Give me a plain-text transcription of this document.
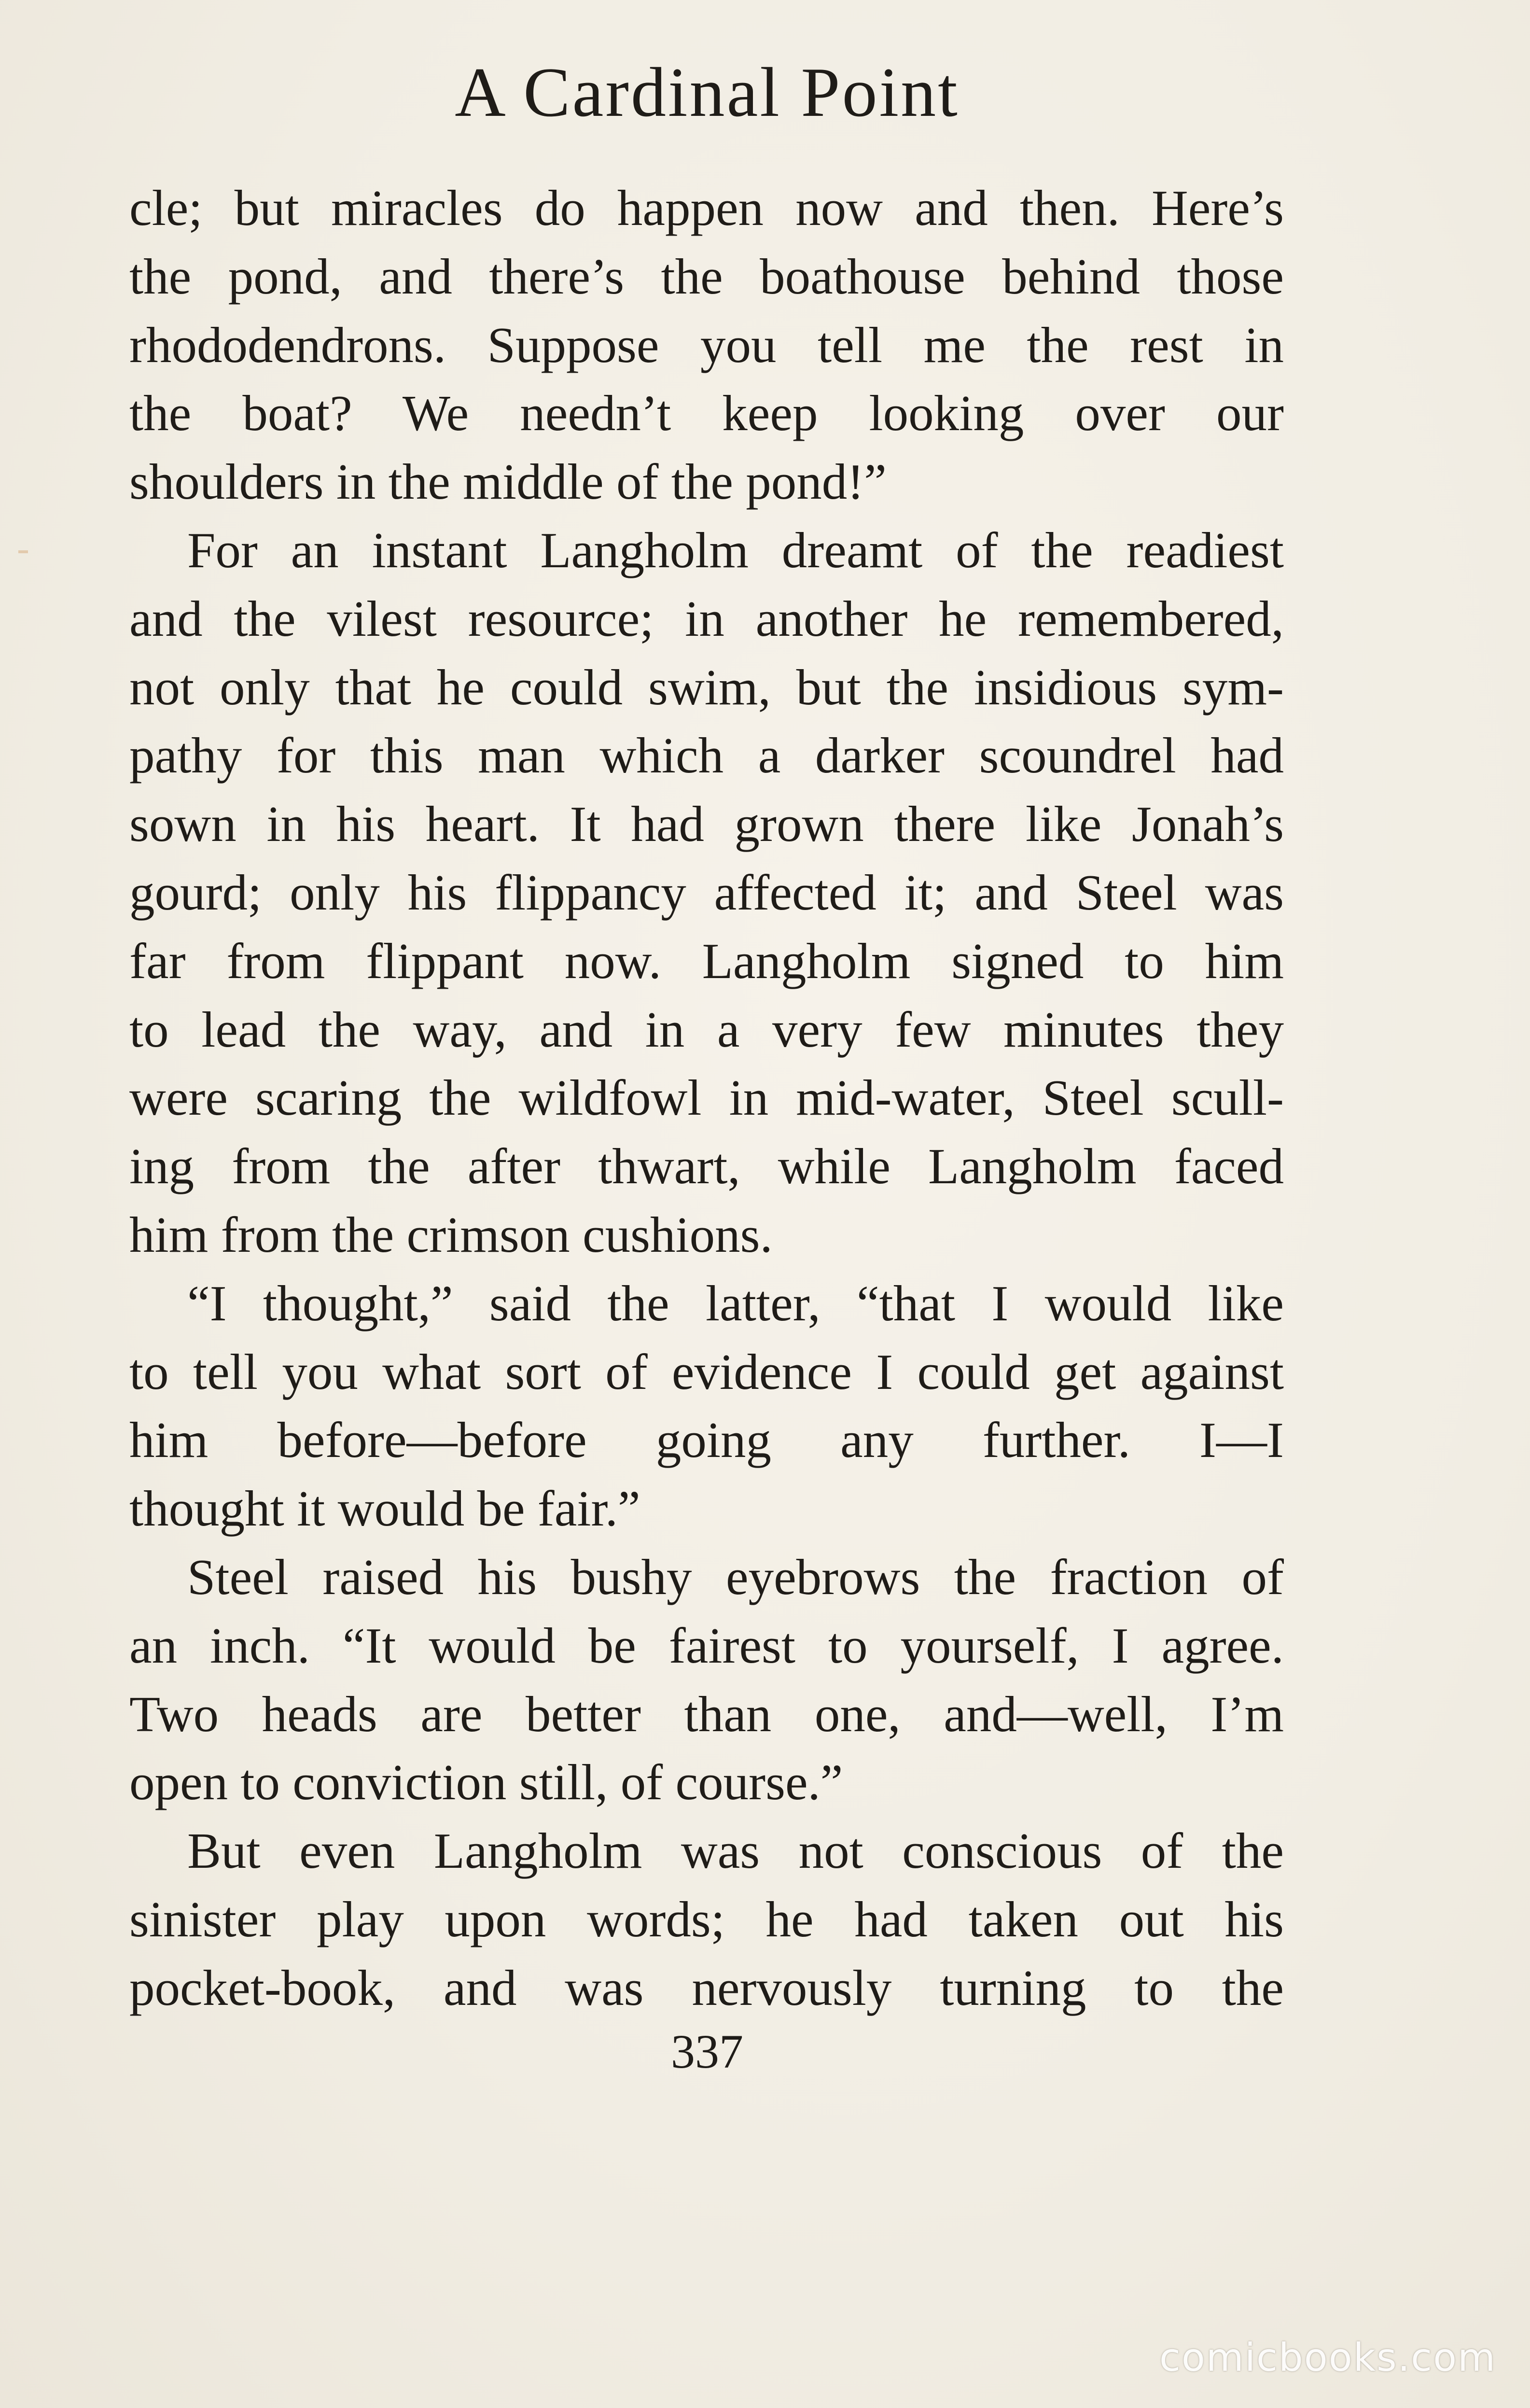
A Cardinal Point
cle; but miracles do happen now and then. Here’s
the pond, and there’s the boathouse behind those
rhododendrons. Suppose you tell me the rest in
the boat? We needn’t keep looking over our
shoulders in the middle of the pond!”
For an instant Langholm dreamt of the readiest
and the vilest resource; in another he remembered,
not only that he could swim, but the insidious sym-
pathy for this man which a darker scoundrel had
sown in his heart. It had grown there like Jonah’s
gourd; only his flippancy affected it; and Steel was
far from flippant now. Langholm signed to him
to lead the way, and in a very few minutes they
were scaring the wildfowl in mid-water, Steel scull-
ing from the after thwart, while Langholm faced
him from the crimson cushions.
“I thought,” said the latter, “that I would like
to tell you what sort of evidence I could get against
him before—before going any further. I—I
thought it would be fair.”
Steel raised his bushy eyebrows the fraction of
an inch. “It would be fairest to yourself, I agree.
Two heads are better than one, and—well, I’m
open to conviction still, of course.”
But even Langholm was not conscious of the
sinister play upon words; he had taken out his
pocket-book, and was nervously turning to the
337
comicbooks.com
